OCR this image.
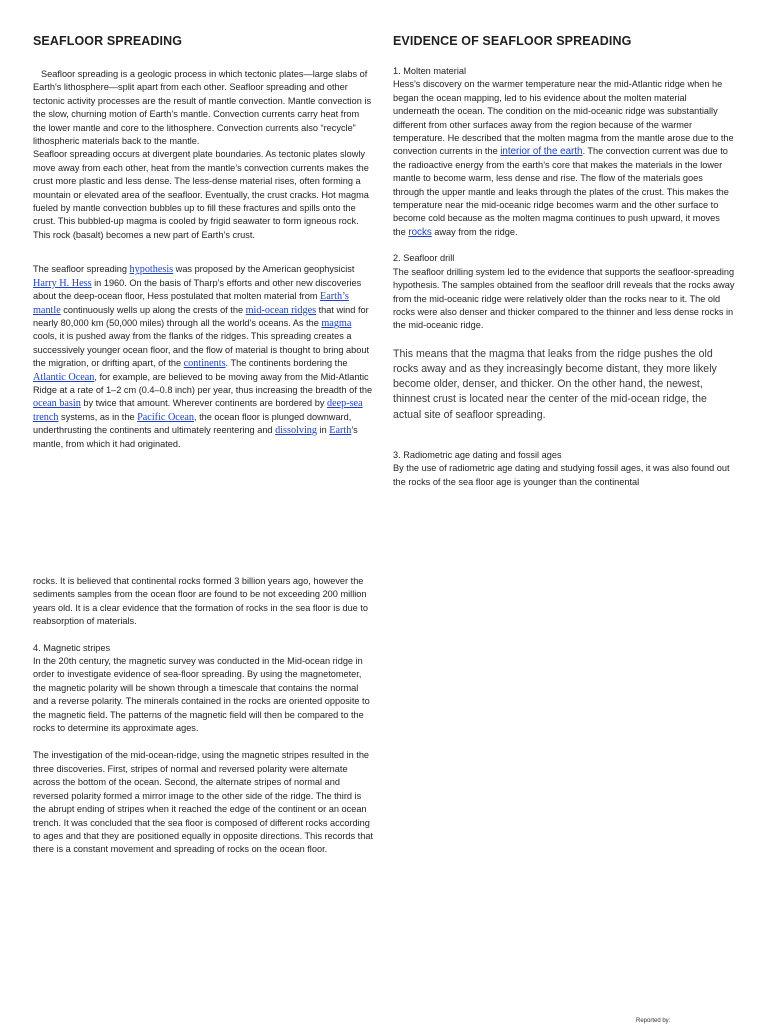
SEAFLOOR SPREADING

Seafloor spreading is a geologic process in which tectonic plates—large slabs of Earth's lithosphere—split apart from each other. Seafloor spreading and other tectonic activity processes are the result of mantle convection. Mantle convection is the slow, churning motion of Earth’s mantle. Convection currents carry heat from the lower mantle and core to the lithosphere. Convection currents also “recycle” lithospheric materials back to the mantle.

Seafloor spreading occurs at divergent plate boundaries. As tectonic plates slowly move away from each other, heat from the mantle’s convection currents makes the crust more plastic and less dense. The less-dense material rises, often forming a mountain or elevated area of the seafloor. Eventually, the crust cracks. Hot magma fueled by mantle convection bubbles up to fill these fractures and spills onto the crust. This bubbled-up magma is cooled by frigid seawater to form igneous rock. This rock (basalt) becomes a new part of Earth’s crust.

The seafloor spreading hypothesis was proposed by the American geophysicist Harry H. Hess in 1960. On the basis of Tharp’s efforts and other new discoveries about the deep-ocean floor, Hess postulated that molten material from Earth’s mantle continuously wells up along the crests of the mid-ocean ridges that wind for nearly 80,000 km (50,000 miles) through all the world’s oceans. As the magma cools, it is pushed away from the flanks of the ridges. This spreading creates a successively younger ocean floor, and the flow of material is thought to bring about the migration, or drifting apart, of the continents. The continents bordering the Atlantic Ocean, for example, are believed to be moving away from the Mid-Atlantic Ridge at a rate of 1–2 cm (0.4–0.8 inch) per year, thus increasing the breadth of the ocean basin by twice that amount. Wherever continents are bordered by deep-sea trench systems, as in the Pacific Ocean, the ocean floor is plunged downward, underthrusting the continents and ultimately reentering and dissolving in Earth’s mantle, from which it had originated.

EVIDENCE OF SEAFLOOR SPREADING

1. Molten material

Hess’s discovery on the warmer temperature near the mid-Atlantic ridge when he began the ocean mapping, led to his evidence about the molten material underneath the ocean. The condition on the mid-oceanic ridge was substantially different from other surfaces away from the region because of the warmer temperature. He described that the molten magma from the mantle arose due to the convection currents in the interior of the earth. The convection current was due to the radioactive energy from the earth’s core that makes the materials in the lower mantle to become warm, less dense and rise. The flow of the materials goes through the upper mantle and leaks through the plates of the crust. This makes the temperature near the mid-oceanic ridge becomes warm and the other surface to become cold because as the molten magma continues to push upward, it moves the rocks away from the ridge.

2. Seafloor drill

The seafloor drilling system led to the evidence that supports the seafloor-spreading hypothesis. The samples obtained from the seafloor drill reveals that the rocks away from the mid-oceanic ridge were relatively older than the rocks near to it. The old rocks were also denser and thicker compared to the thinner and less dense rocks in the mid-oceanic ridge.

This means that the magma that leaks from the ridge pushes the old rocks away and as they increasingly become distant, they more likely become older, denser, and thicker. On the other hand, the newest, thinnest crust is located near the center of the mid-ocean ridge, the actual site of seafloor spreading.

3. Radiometric age dating and fossil ages

By the use of radiometric age dating and studying fossil ages, it was also found out the rocks of the sea floor age is younger than the continental

rocks. It is believed that continental rocks formed 3 billion years ago, however the sediments samples from the ocean floor are found to be not exceeding 200 million years old. It is a clear evidence that the formation of rocks in the sea floor is due to reabsorption of materials.

4. Magnetic stripes

In the 20th century, the magnetic survey was conducted in the Mid-ocean ridge in order to investigate evidence of sea-floor spreading. By using the magnetometer, the magnetic polarity will be shown through a timescale that contains the normal and a reverse polarity. The minerals contained in the rocks are oriented opposite to the magnetic field. The patterns of the magnetic field will then be compared to the rocks to determine its approximate ages.

The investigation of the mid-ocean-ridge, using the magnetic stripes resulted in the three discoveries. First, stripes of normal and reversed polarity were alternate across the bottom of the ocean. Second, the alternate stripes of normal and reversed polarity formed a mirror image to the other side of the ridge. The third is the abrupt ending of stripes when it reached the edge of the continent or an ocean trench. It was concluded that the sea floor is composed of different rocks according to ages and that they are positioned equally in opposite directions. This records that there is a constant movement and spreading of rocks on the ocean floor.

Reported by:
